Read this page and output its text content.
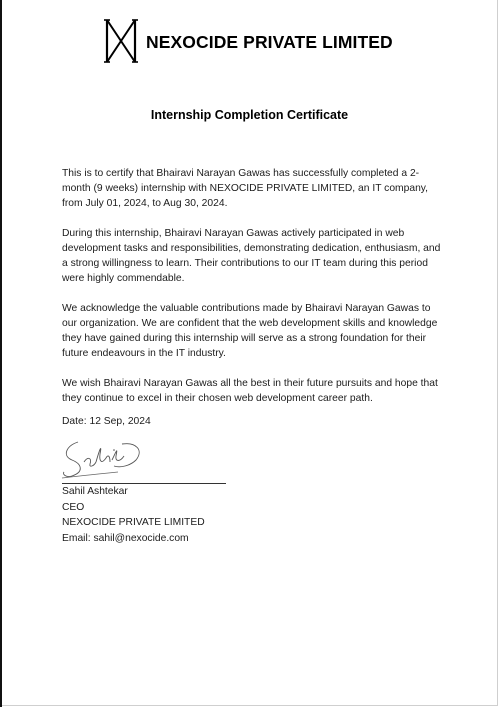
NEXOCIDE PRIVATE LIMITED
Internship Completion Certificate

This is to certify that Bhairavi Narayan Gawas has successfully completed a 2-month (9 weeks) internship with NEXOCIDE PRIVATE LIMITED, an IT company, from July 01, 2024, to Aug 30, 2024.

During this internship, Bhairavi Narayan Gawas actively participated in web development tasks and responsibilities, demonstrating dedication, enthusiasm, and a strong willingness to learn. Their contributions to our IT team during this period were highly commendable.

We acknowledge the valuable contributions made by Bhairavi Narayan Gawas to our organization. We are confident that the web development skills and knowledge they have gained during this internship will serve as a strong foundation for their future endeavours in the IT industry.

We wish Bhairavi Narayan Gawas all the best in their future pursuits and hope that they continue to excel in their chosen web development career path.

Date: 12 Sep, 2024
Sahil Ashtekar
CEO
NEXOCIDE PRIVATE LIMITED
Email: sahil@nexocide.com
